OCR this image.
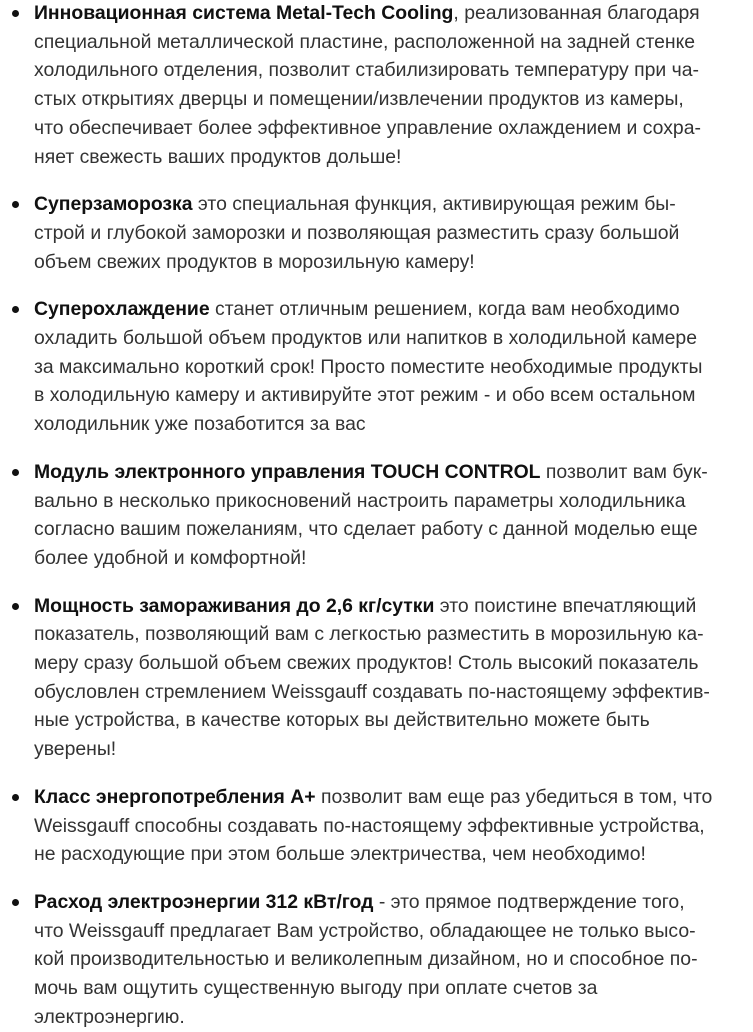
Инновационная система Metal-Tech Cooling, реализованная благодаря
специальной металлической пластине, расположенной на задней стенке
холодильного отделения, позволит стабилизировать температуру при ча-
стых открытиях дверцы и помещении/извлечении продуктов из камеры,
что обеспечивает более эффективное управление охлаждением и сохра-
няет свежесть ваших продуктов дольше!
Суперзаморозка это специальная функция, активирующая режим бы-
строй и глубокой заморозки и позволяющая разместить сразу большой
объем свежих продуктов в морозильную камеру!
Суперохлаждение станет отличным решением, когда вам необходимо
охладить большой объем продуктов или напитков в холодильной камере
за максимально короткий срок! Просто поместите необходимые продукты
в холодильную камеру и активируйте этот режим - и обо всем остальном
холодильник уже позаботится за вас
Модуль электронного управления TOUCH CONTROL позволит вам бук-
вально в несколько прикосновений настроить параметры холодильника
согласно вашим пожеланиям, что сделает работу с данной моделью еще
более удобной и комфортной!
Мощность замораживания до 2,6 кг/сутки это поистине впечатляющий
показатель, позволяющий вам с легкостью разместить в морозильную ка-
меру сразу большой объем свежих продуктов! Столь высокий показатель
обусловлен стремлением Weissgauff создавать по-настоящему эффектив-
ные устройства, в качестве которых вы действительно можете быть
уверены!
Класс энергопотребления A+ позволит вам еще раз убедиться в том, что
Weissgauff способны создавать по-настоящему эффективные устройства,
не расходующие при этом больше электричества, чем необходимо!
Расход электроэнергии 312 кВт/год - это прямое подтверждение того,
что Weissgauff предлагает Вам устройство, обладающее не только высо-
кой производительностью и великолепным дизайном, но и способное по-
мочь вам ощутить существенную выгоду при оплате счетов за
электроэнергию.
